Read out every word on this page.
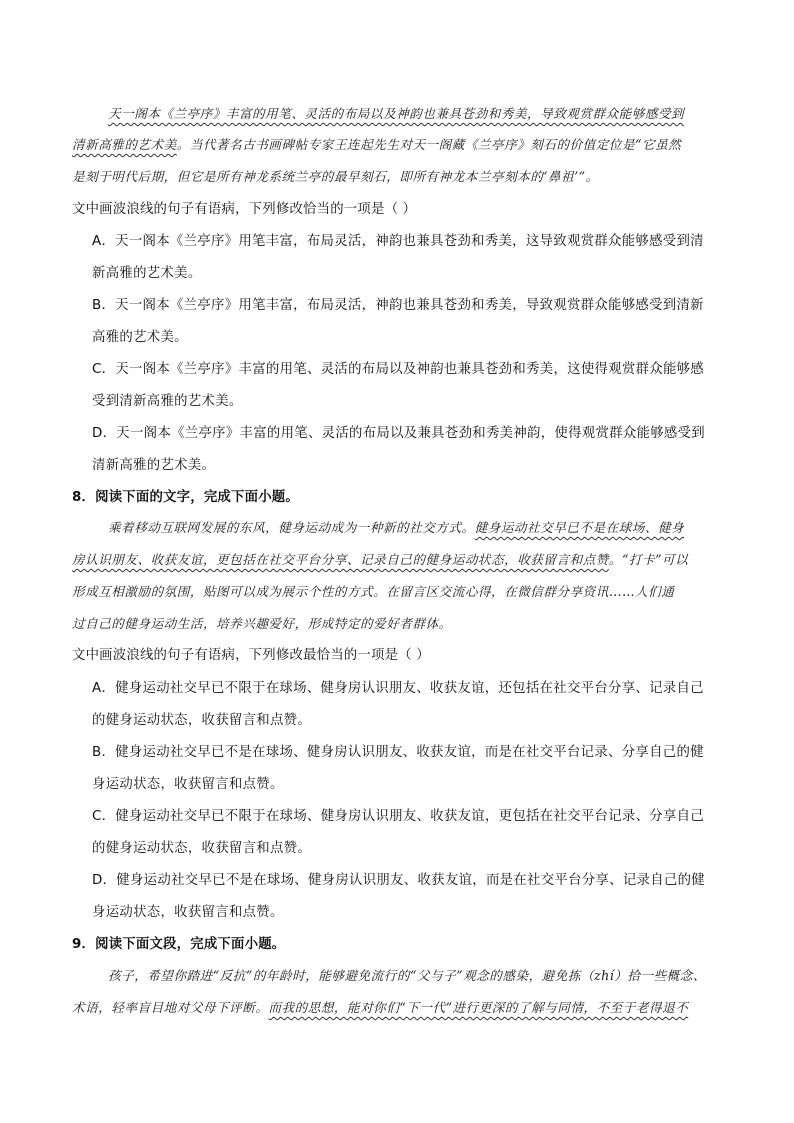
天一阁本《兰亭序》丰富的用笔、灵活的布局以及神韵也兼具苍劲和秀美，导致观赏群众能够感受到
清新高雅的艺术美。当代著名古书画碑帖专家王连起先生对天一阁藏《兰亭序》刻石的价值定位是“它虽然
是刻于明代后期，但它是所有神龙系统兰亭的最早刻石，即所有神龙本兰亭刻本的‘鼻祖’”。
文中画波浪线的句子有语病，下列修改恰当的一项是（ ）
A．天一阁本《兰亭序》用笔丰富，布局灵活，神韵也兼具苍劲和秀美，这导致观赏群众能够感受到清
新高雅的艺术美。
B．天一阁本《兰亭序》用笔丰富，布局灵活，神韵也兼具苍劲和秀美，导致观赏群众能够感受到清新
高雅的艺术美。
C．天一阁本《兰亭序》丰富的用笔、灵活的布局以及神韵也兼具苍劲和秀美，这使得观赏群众能够感
受到清新高雅的艺术美。
D．天一阁本《兰亭序》丰富的用笔、灵活的布局以及兼具苍劲和秀美神韵，使得观赏群众能够感受到
清新高雅的艺术美。
8．阅读下面的文字，完成下面小题。
乘着移动互联网发展的东风，健身运动成为一种新的社交方式。健身运动社交早已不是在球场、健身
房认识朋友、收获友谊，更包括在社交平台分享、记录自己的健身运动状态，收获留言和点赞。“打卡”可以
形成互相激励的氛围，贴图可以成为展示个性的方式。在留言区交流心得，在微信群分享资讯……人们通
过自己的健身运动生活，培养兴趣爱好，形成特定的爱好者群体。
文中画波浪线的句子有语病，下列修改最恰当的一项是（ ）
A．健身运动社交早已不限于在球场、健身房认识朋友、收获友谊，还包括在社交平台分享、记录自己
的健身运动状态，收获留言和点赞。
B．健身运动社交早已不是在球场、健身房认识朋友、收获友谊，而是在社交平台记录、分享自己的健
身运动状态，收获留言和点赞。
C．健身运动社交早已不限于在球场、健身房认识朋友、收获友谊，更包括在社交平台记录、分享自己
的健身运动状态，收获留言和点赞。
D．健身运动社交早已不是在球场、健身房认识朋友、收获友谊，而是在社交平台分享、记录自己的健
身运动状态，收获留言和点赞。
9．阅读下面文段，完成下面小题。
孩子，希望你踏进“反抗”的年龄时，能够避免流行的“父与子”观念的感染，避免拣（zhí）拾一些概念、
术语，轻率盲目地对父母下评断。而我的思想，能对你们“下一代”进行更深的了解与同情，不至于老得退不
